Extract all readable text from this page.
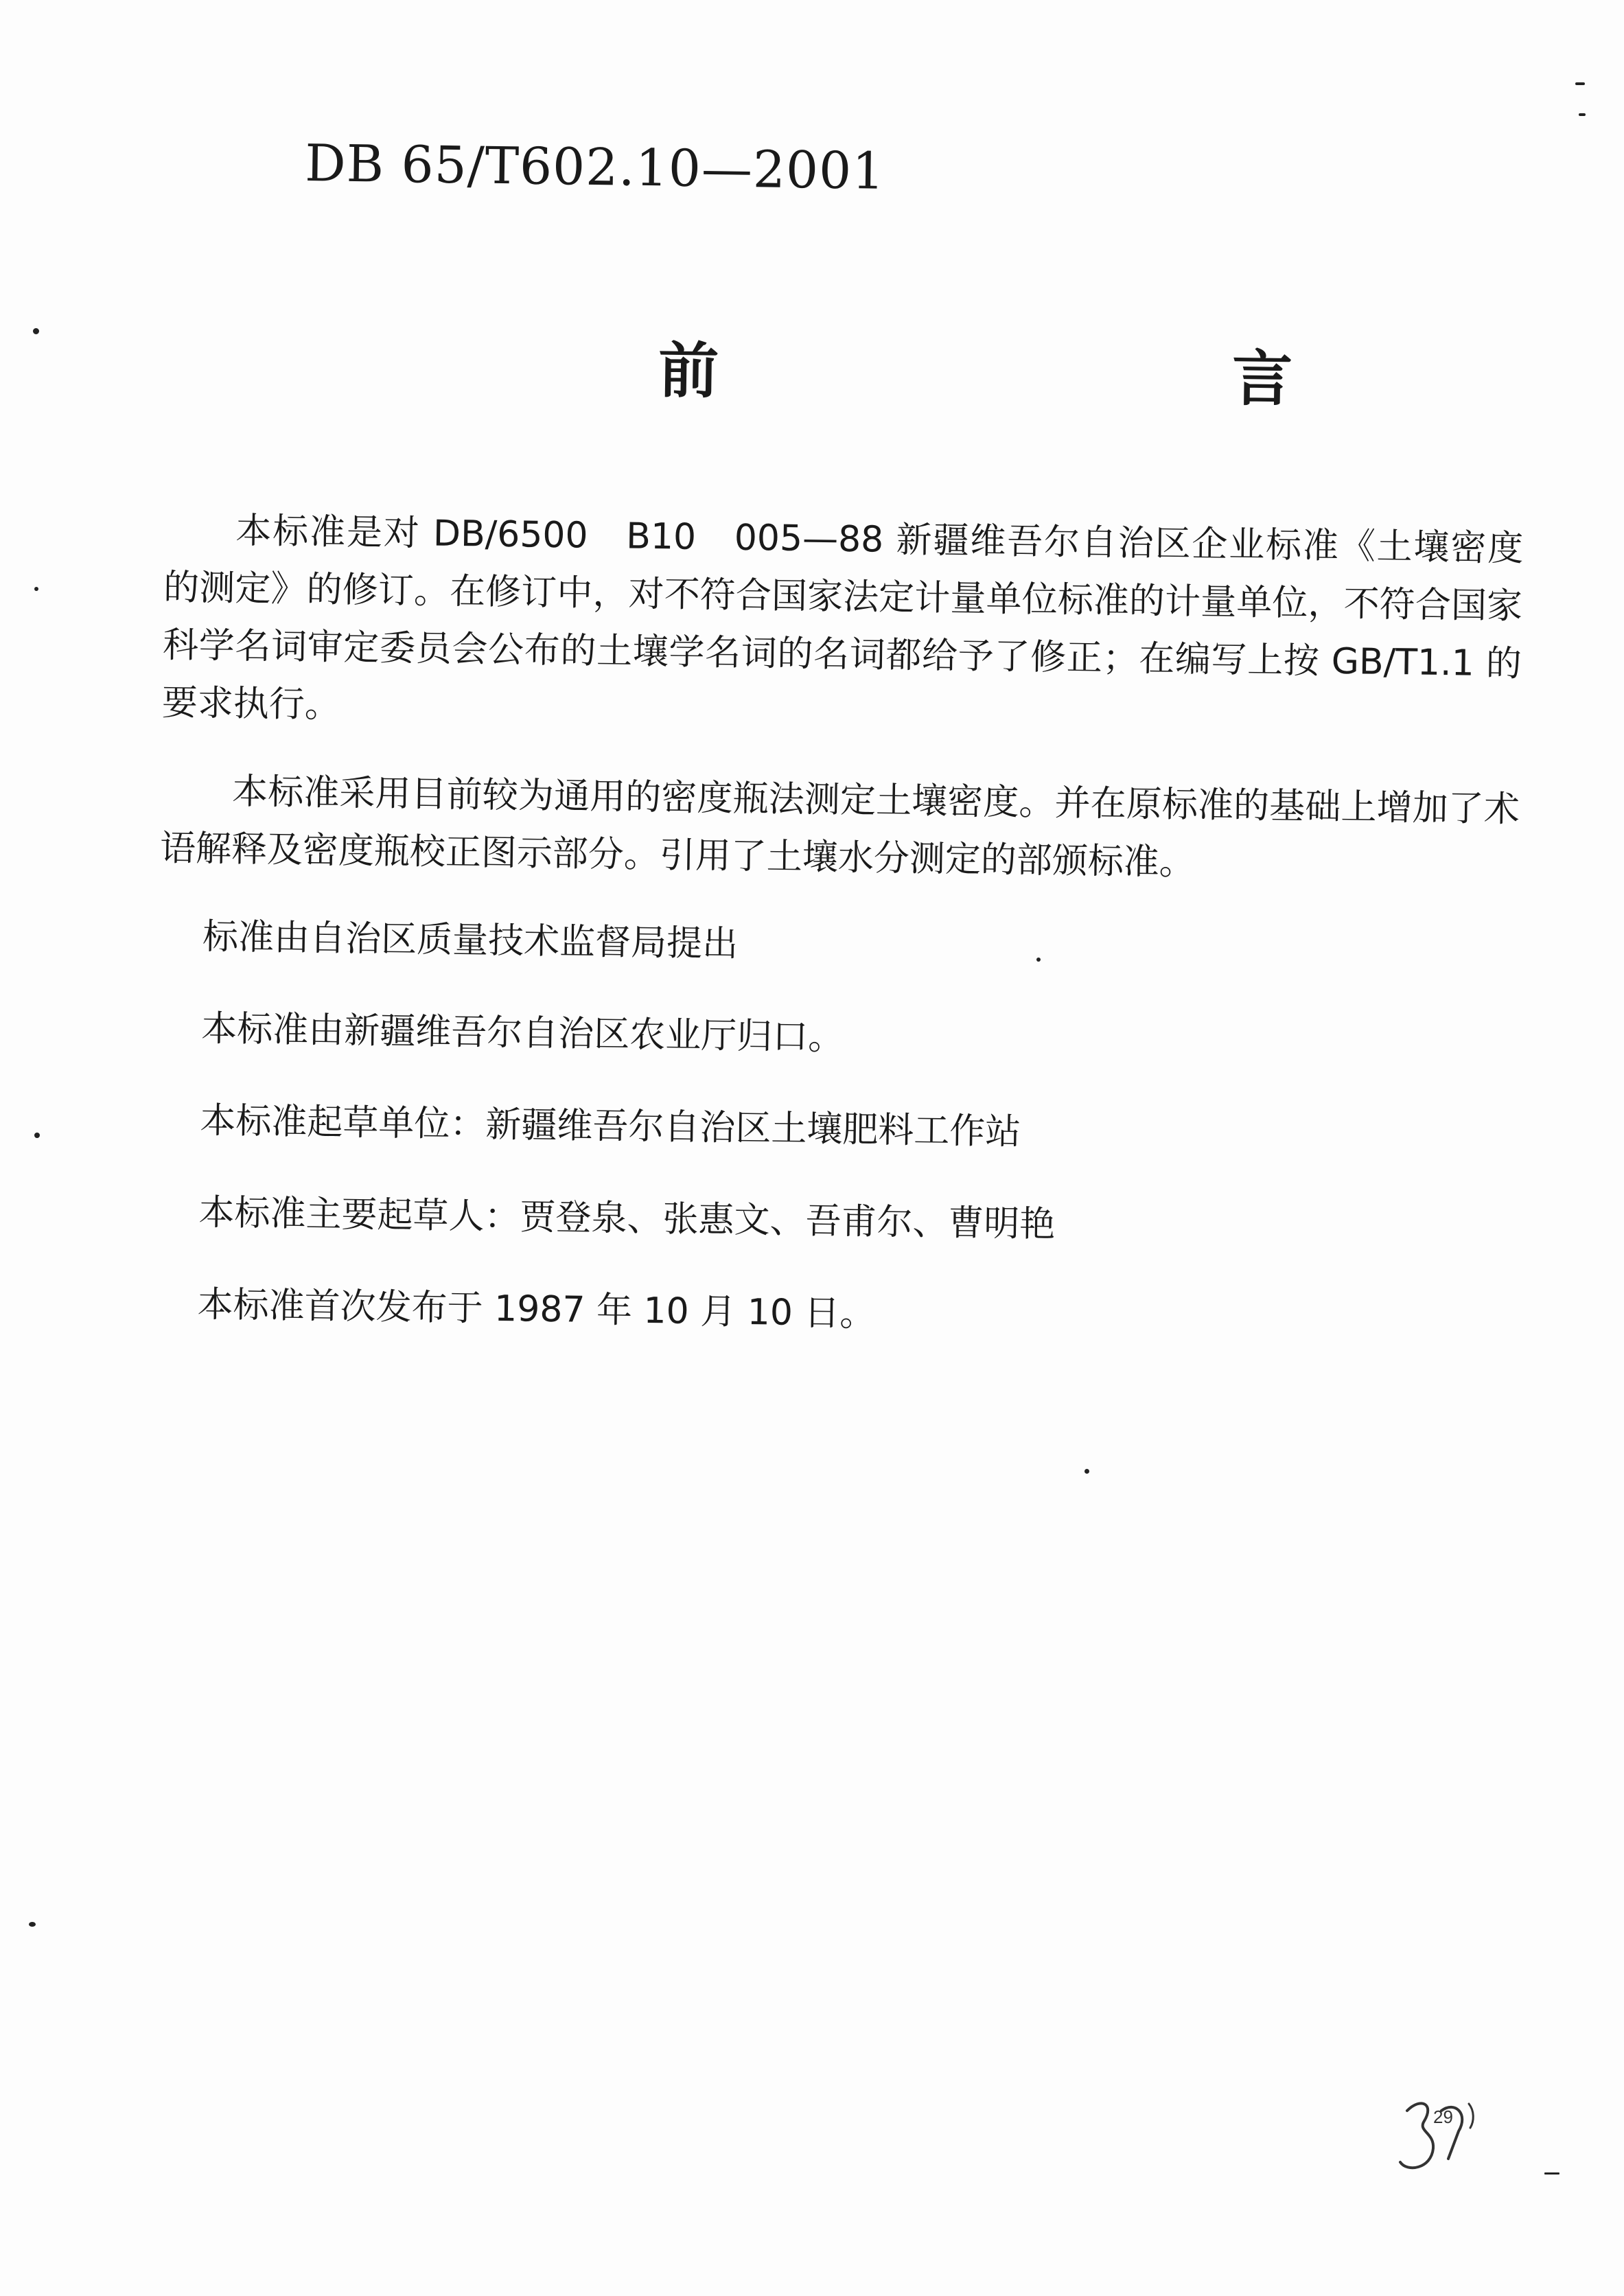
DB 65/T602.10—2001
前　言

本标准是对 DB/6500　B10　005—88 新疆维吾尔自治区企业标准《土壤密度的测定》的修订。在修订中，对不符合国家法定计量单位标准的计量单位，不符合国家科学名词审定委员会公布的土壤学名词的名词都给予了修正；在编写上按 GB/T1.1 的要求执行。

本标准采用目前较为通用的密度瓶法测定土壤密度。并在原标准的基础上增加了术语解释及密度瓶校正图示部分。引用了土壤水分测定的部颁标准。

标准由自治区质量技术监督局提出
本标准由新疆维吾尔自治区农业厅归口。
本标准起草单位：新疆维吾尔自治区土壤肥料工作站
本标准主要起草人：贾登泉、张惠文、吾甫尔、曹明艳
本标准首次发布于 1987 年 10 月 10 日。
29
